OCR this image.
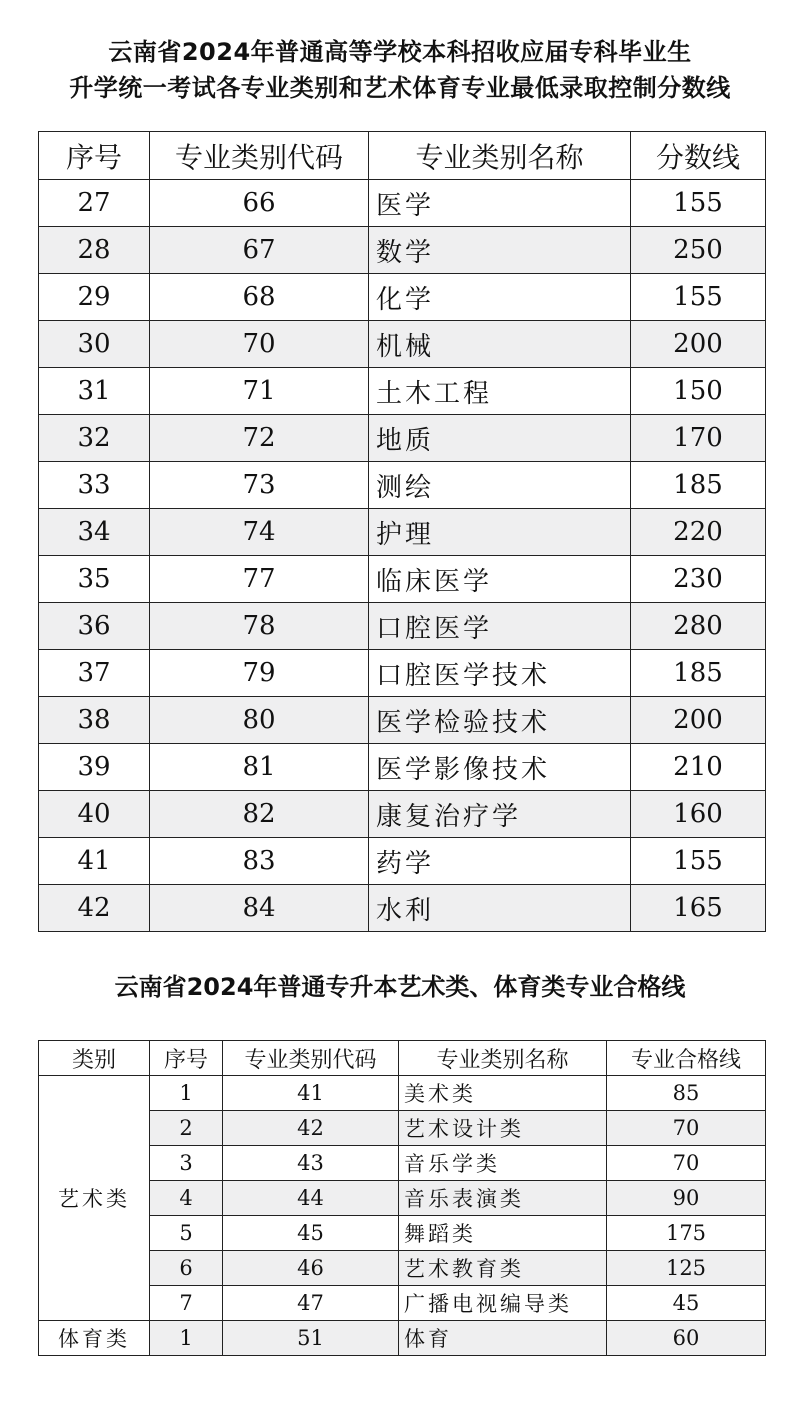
云南省2024年普通高等学校本科招收应届专科毕业生
升学统一考试各专业类别和艺术体育专业最低录取控制分数线
序号	专业类别代码	专业类别名称	分数线
27	66	医学	155
28	67	数学	250
29	68	化学	155
30	70	机械	200
31	71	土木工程	150
32	72	地质	170
33	73	测绘	185
34	74	护理	220
35	77	临床医学	230
36	78	口腔医学	280
37	79	口腔医学技术	185
38	80	医学检验技术	200
39	81	医学影像技术	210
40	82	康复治疗学	160
41	83	药学	155
42	84	水利	165
云南省2024年普通专升本艺术类、体育类专业合格线
类别	序号	专业类别代码	专业类别名称	专业合格线
艺术类	1	41	美术类	85
	2	42	艺术设计类	70
	3	43	音乐学类	70
	4	44	音乐表演类	90
	5	45	舞蹈类	175
	6	46	艺术教育类	125
	7	47	广播电视编导类	45
体育类	1	51	体育	60
